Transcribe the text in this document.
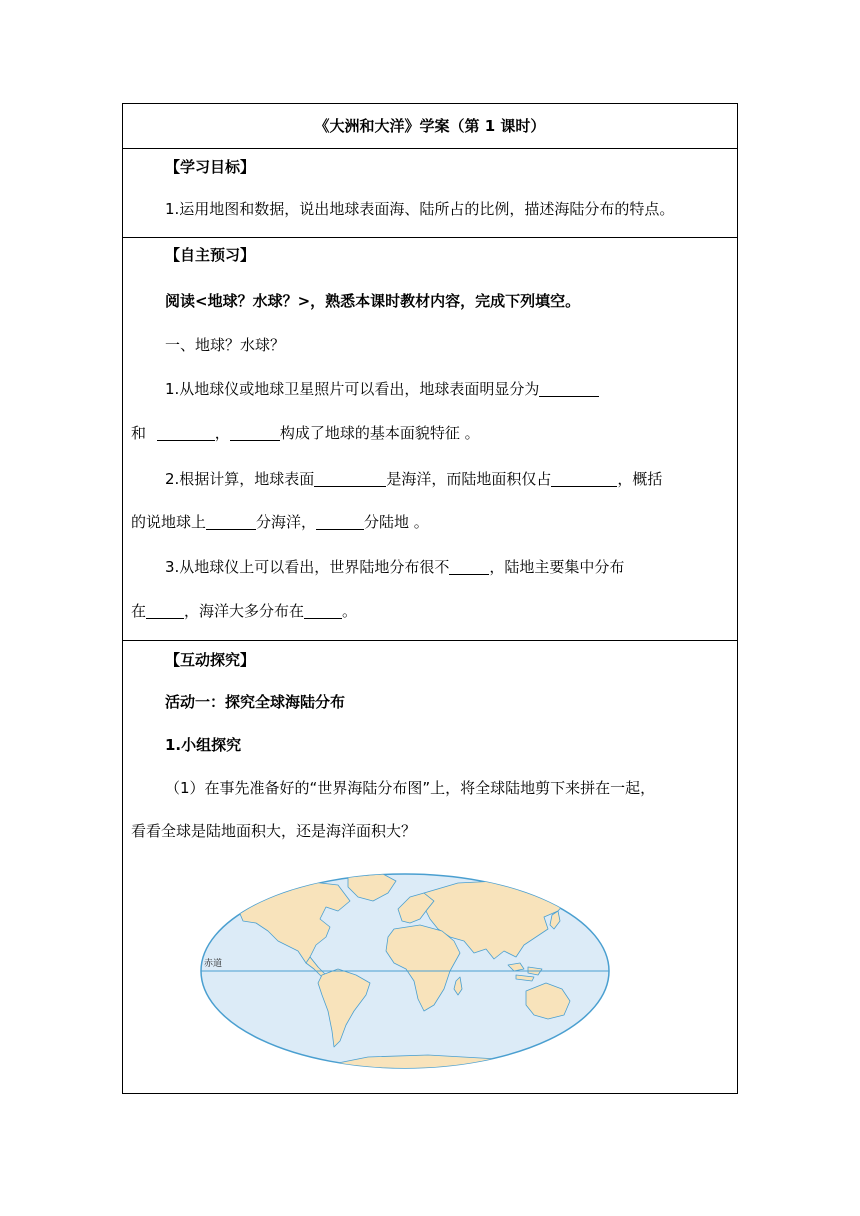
《大洲和大洋》学案（第 1 课时）

【学习目标】
1.运用地图和数据，说出地球表面海、陆所占的比例，描述海陆分布的特点。

【自主预习】
阅读<地球？水球？>，熟悉本课时教材内容，完成下列填空。
一、地球？水球？
1.从地球仪或地球卫星照片可以看出，地球表面明显分为
和	，	构成了地球的基本面貌特征 。
2.根据计算，地球表面	是海洋，而陆地面积仅占	，概括
的说地球上	分海洋，	分陆地 。
3.从地球仪上可以看出，世界陆地分布很不	，陆地主要集中分布
在	，海洋大多分布在	。

【互动探究】
活动一：探究全球海陆分布
1.小组探究
（1）在事先准备好的“世界海陆分布图”上，将全球陆地剪下来拼在一起，
看看全球是陆地面积大，还是海洋面积大？
赤道
